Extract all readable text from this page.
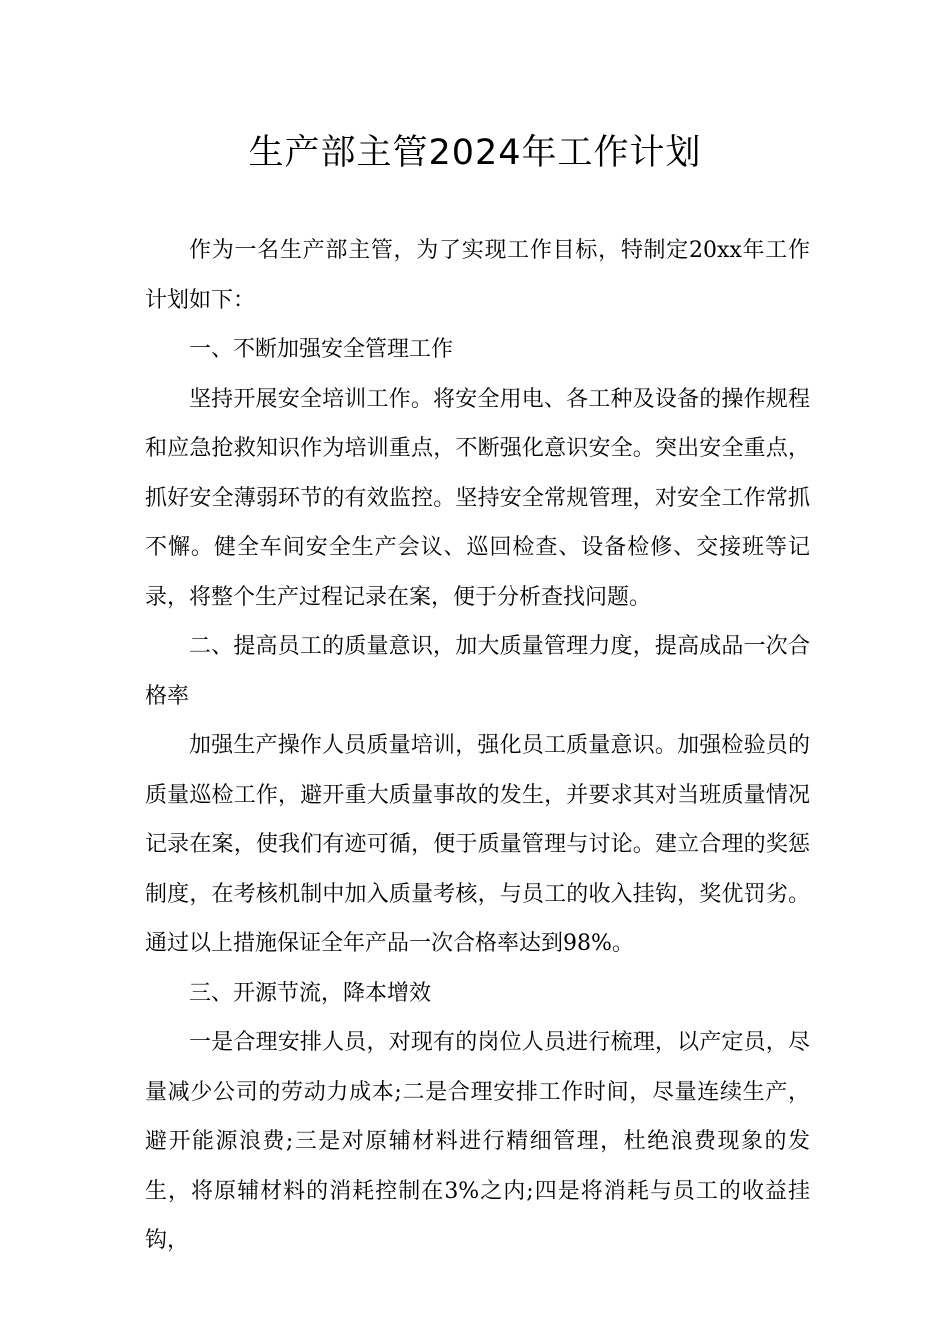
生产部主管2024年工作计划

作为一名生产部主管，为了实现工作目标，特制定20xx年工作计划如下：

一、不断加强安全管理工作

坚持开展安全培训工作。将安全用电、各工种及设备的操作规程和应急抢救知识作为培训重点，不断强化意识安全。突出安全重点，抓好安全薄弱环节的有效监控。坚持安全常规管理，对安全工作常抓不懈。健全车间安全生产会议、巡回检查、设备检修、交接班等记录，将整个生产过程记录在案，便于分析查找问题。

二、提高员工的质量意识，加大质量管理力度，提高成品一次合格率

加强生产操作人员质量培训，强化员工质量意识。加强检验员的质量巡检工作，避开重大质量事故的发生，并要求其对当班质量情况记录在案，使我们有迹可循，便于质量管理与讨论。建立合理的奖惩制度，在考核机制中加入质量考核，与员工的收入挂钩，奖优罚劣。通过以上措施保证全年产品一次合格率达到98%。

三、开源节流，降本增效

一是合理安排人员，对现有的岗位人员进行梳理，以产定员，尽量减少公司的劳动力成本;二是合理安排工作时间，尽量连续生产，避开能源浪费;三是对原辅材料进行精细管理，杜绝浪费现象的发生，将原辅材料的消耗控制在3%之内;四是将消耗与员工的收益挂钩，
